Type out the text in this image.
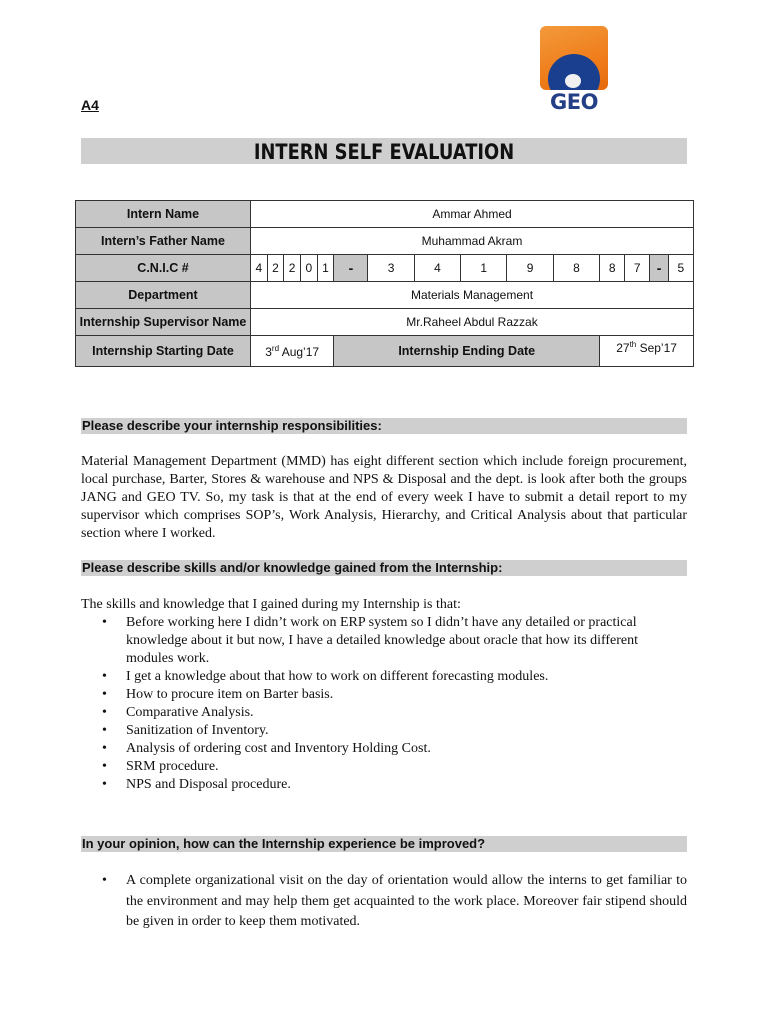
GEO
A4
INTERN SELF EVALUATION
Intern Name	Ammar Ahmed														
Intern’s Father Name	Muhammad Akram														
C.N.I.C #	4	2	2	0	1	-	3	4	1	9	8	8	7	-	5
Department	Materials Management														
Internship Supervisor Name	Mr.Raheel Abdul Razzak														
Internship Starting Date	3rd Aug’17					Internship Ending Date						27th Sep’17			
Please describe your internship responsibilities:
Material Management Department (MMD) has eight different section which include foreign procurement, local purchase, Barter, Stores & warehouse and NPS & Disposal and the dept. is look after both the groups JANG and GEO TV. So, my task is that at the end of every week I have to submit a detail report to my supervisor which comprises SOP’s, Work Analysis, Hierarchy, and Critical Analysis about that particular section where I worked.
Please describe skills and/or knowledge gained from the Internship:
The skills and knowledge that I gained during my Internship is that:
• Before working here I didn’t work on ERP system so I didn’t have any detailed or practical knowledge about it but now, I have a detailed knowledge about oracle that how its different modules work.
• I get a knowledge about that how to work on different forecasting modules.
• How to procure item on Barter basis.
• Comparative Analysis.
• Sanitization of Inventory.
• Analysis of ordering cost and Inventory Holding Cost.
• SRM procedure.
• NPS and Disposal procedure.
In your opinion, how can the Internship experience be improved?
• A complete organizational visit on the day of orientation would allow the interns to get familiar to the environment and may help them get acquainted to the work place. Moreover fair stipend should be given in order to keep them motivated.
